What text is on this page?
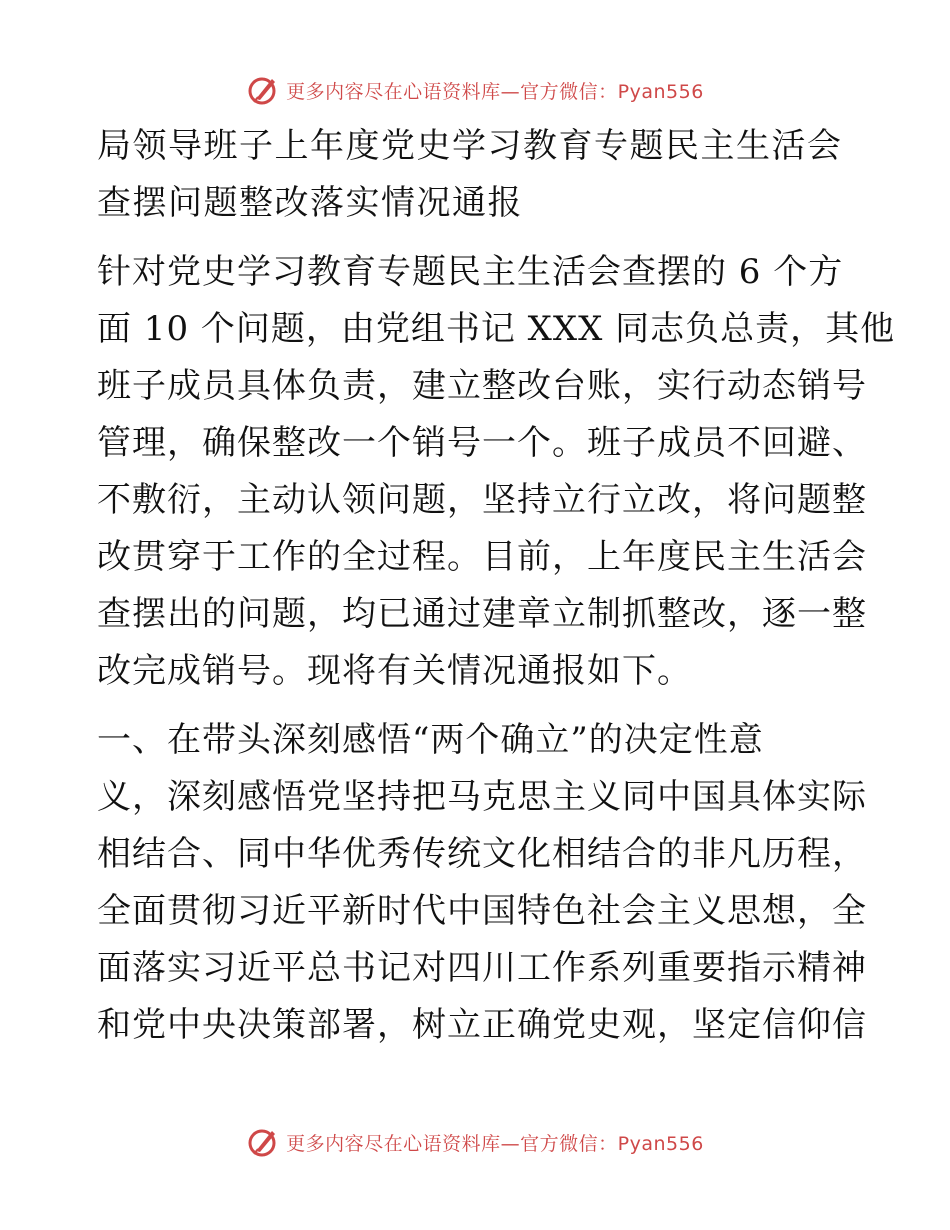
更多内容尽在心语资料库—官方微信：Pyan556
局领导班子上年度党史学习教育专题民主生活会
查摆问题整改落实情况通报
针对党史学习教育专题民主生活会查摆的 6 个方
面 10 个问题，由党组书记 XXX 同志负总责，其他
班子成员具体负责，建立整改台账，实行动态销号
管理，确保整改一个销号一个。班子成员不回避、
不敷衍，主动认领问题，坚持立行立改，将问题整
改贯穿于工作的全过程。目前，上年度民主生活会
查摆出的问题，均已通过建章立制抓整改，逐一整
改完成销号。现将有关情况通报如下。
一、在带头深刻感悟“两个确立”的决定性意
义，深刻感悟党坚持把马克思主义同中国具体实际
相结合、同中华优秀传统文化相结合的非凡历程，
全面贯彻习近平新时代中国特色社会主义思想，全
面落实习近平总书记对四川工作系列重要指示精神
和党中央决策部署，树立正确党史观，坚定信仰信
更多内容尽在心语资料库—官方微信：Pyan556
